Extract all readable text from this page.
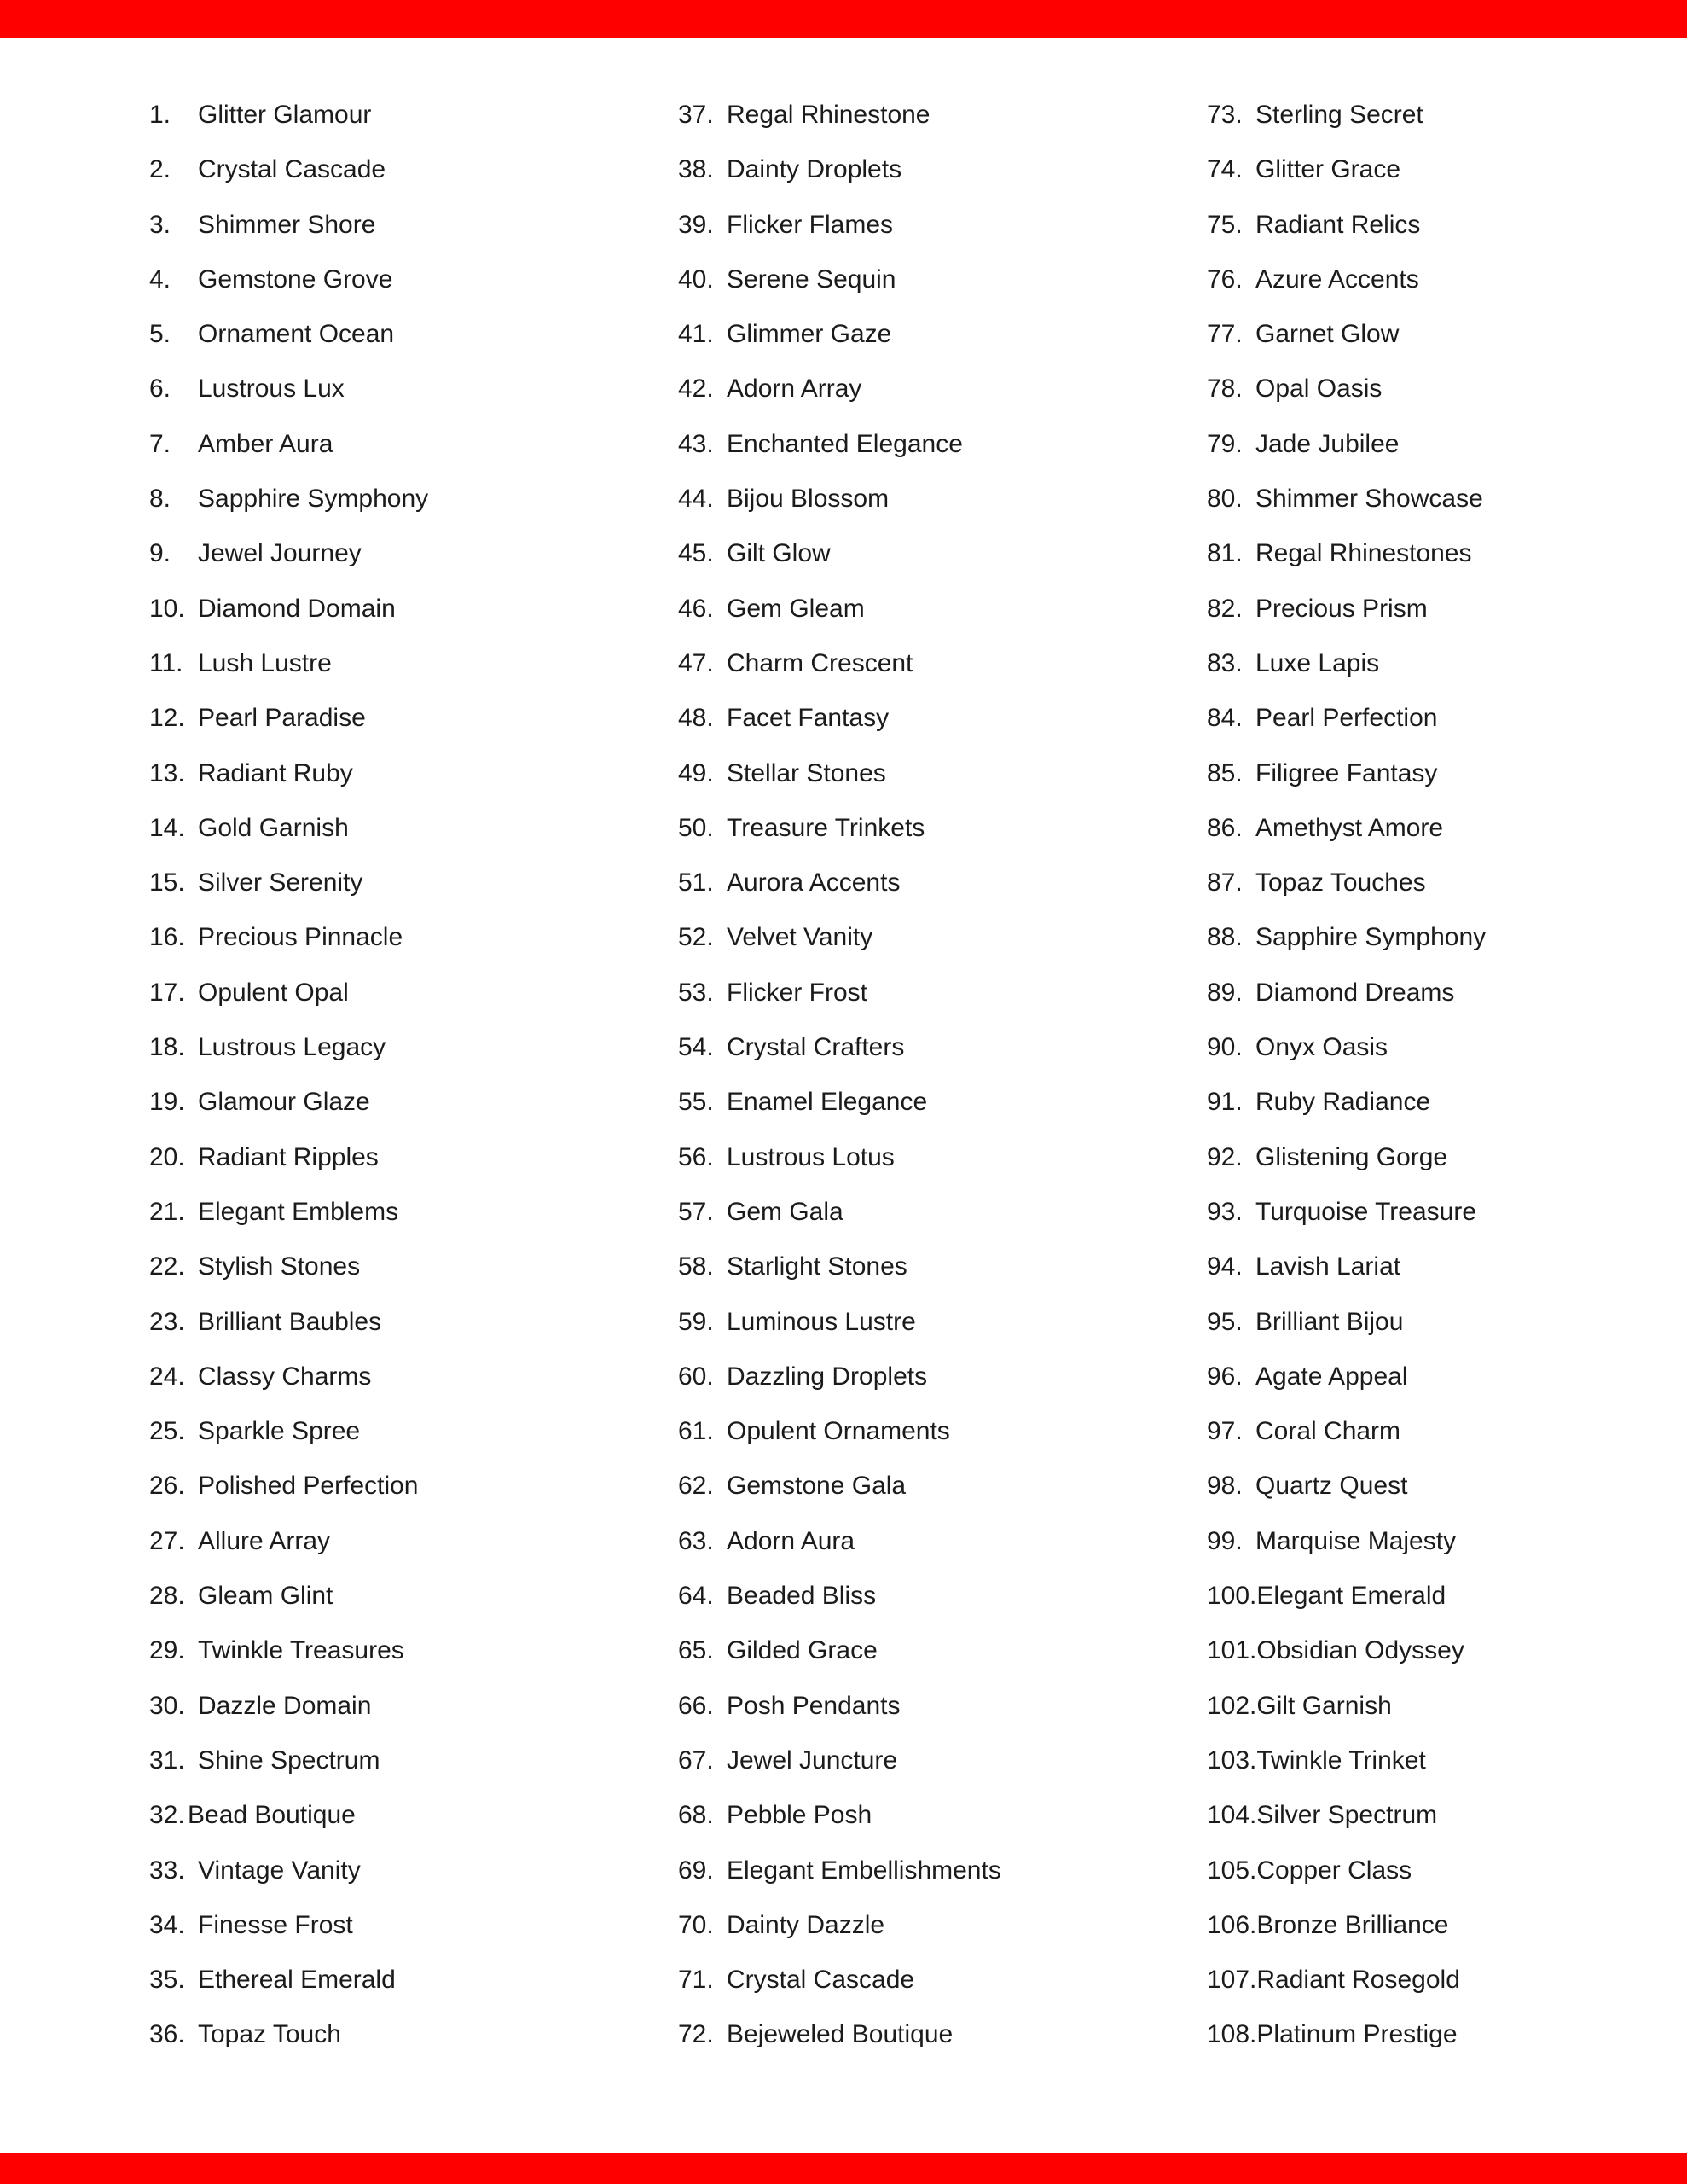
1. Glitter Glamour
2. Crystal Cascade
3. Shimmer Shore
4. Gemstone Grove
5. Ornament Ocean
6. Lustrous Lux
7. Amber Aura
8. Sapphire Symphony
9. Jewel Journey
10. Diamond Domain
11. Lush Lustre
12. Pearl Paradise
13. Radiant Ruby
14. Gold Garnish
15. Silver Serenity
16. Precious Pinnacle
17. Opulent Opal
18. Lustrous Legacy
19. Glamour Glaze
20. Radiant Ripples
21. Elegant Emblems
22. Stylish Stones
23. Brilliant Baubles
24. Classy Charms
25. Sparkle Spree
26. Polished Perfection
27. Allure Array
28. Gleam Glint
29. Twinkle Treasures
30. Dazzle Domain
31. Shine Spectrum
32. Bead Boutique
33. Vintage Vanity
34. Finesse Frost
35. Ethereal Emerald
36. Topaz Touch
37. Regal Rhinestone
38. Dainty Droplets
39. Flicker Flames
40. Serene Sequin
41. Glimmer Gaze
42. Adorn Array
43. Enchanted Elegance
44. Bijou Blossom
45. Gilt Glow
46. Gem Gleam
47. Charm Crescent
48. Facet Fantasy
49. Stellar Stones
50. Treasure Trinkets
51. Aurora Accents
52. Velvet Vanity
53. Flicker Frost
54. Crystal Crafters
55. Enamel Elegance
56. Lustrous Lotus
57. Gem Gala
58. Starlight Stones
59. Luminous Lustre
60. Dazzling Droplets
61. Opulent Ornaments
62. Gemstone Gala
63. Adorn Aura
64. Beaded Bliss
65. Gilded Grace
66. Posh Pendants
67. Jewel Juncture
68. Pebble Posh
69. Elegant Embellishments
70. Dainty Dazzle
71. Crystal Cascade
72. Bejeweled Boutique
73. Sterling Secret
74. Glitter Grace
75. Radiant Relics
76. Azure Accents
77. Garnet Glow
78. Opal Oasis
79. Jade Jubilee
80. Shimmer Showcase
81. Regal Rhinestones
82. Precious Prism
83. Luxe Lapis
84. Pearl Perfection
85. Filigree Fantasy
86. Amethyst Amore
87. Topaz Touches
88. Sapphire Symphony
89. Diamond Dreams
90. Onyx Oasis
91. Ruby Radiance
92. Glistening Gorge
93. Turquoise Treasure
94. Lavish Lariat
95. Brilliant Bijou
96. Agate Appeal
97. Coral Charm
98. Quartz Quest
99. Marquise Majesty
100.Elegant Emerald
101.Obsidian Odyssey
102.Gilt Garnish
103.Twinkle Trinket
104.Silver Spectrum
105.Copper Class
106.Bronze Brilliance
107.Radiant Rosegold
108.Platinum Prestige
